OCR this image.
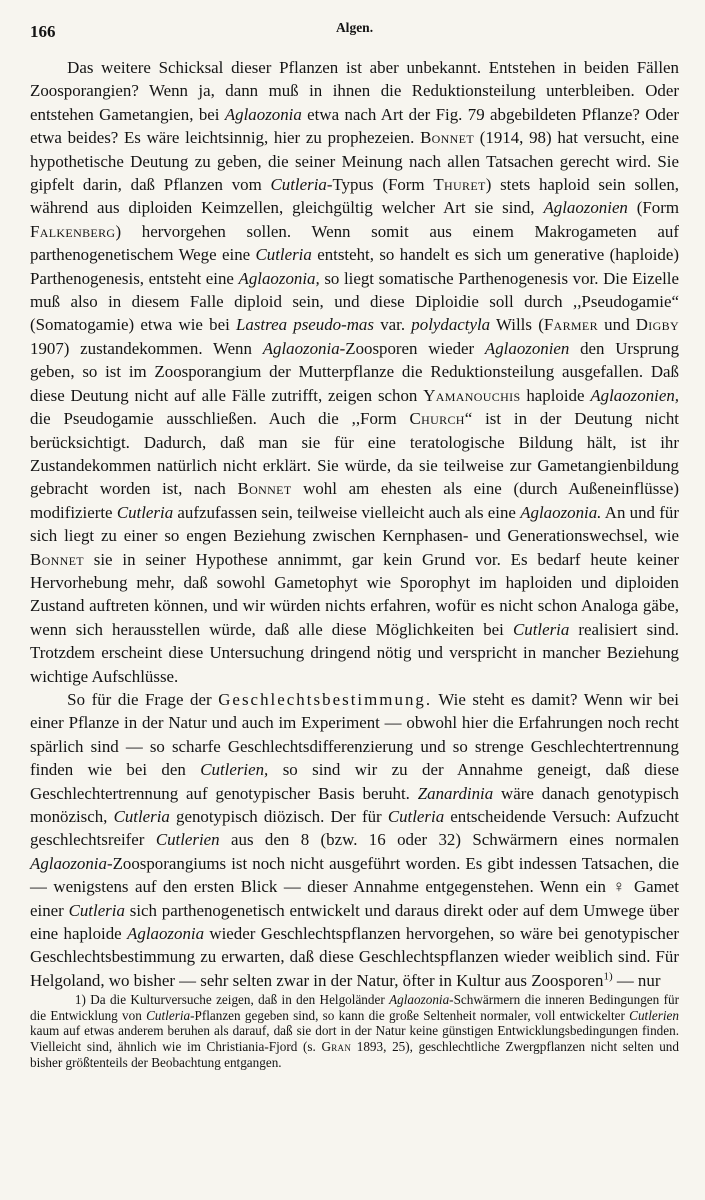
166	Algen.

Das weitere Schicksal dieser Pflanzen ist aber unbekannt. Entstehen in beiden Fällen Zoosporangien? Wenn ja, dann muß in ihnen die Reduktionsteilung unterbleiben. Oder entstehen Gametangien, bei Aglaozonia etwa nach Art der Fig. 79 abgebildeten Pflanze? Oder etwa beides? Es wäre leichtsinnig, hier zu prophezeien. Bonnet (1914, 98) hat versucht, eine hypothetische Deutung zu geben, die seiner Meinung nach allen Tatsachen gerecht wird. Sie gipfelt darin, daß Pflanzen vom Cutleria-Typus (Form Thuret) stets haploid sein sollen, während aus diploiden Keimzellen, gleichgültig welcher Art sie sind, Aglaozonien (Form Falkenberg) hervorgehen sollen. Wenn somit aus einem Makrogameten auf parthenogenetischem Wege eine Cutleria entsteht, so handelt es sich um generative (haploide) Parthenogenesis, entsteht eine Aglaozonia, so liegt somatische Parthenogenesis vor. Die Eizelle muß also in diesem Falle diploid sein, und diese Diploidie soll durch ,,Pseudogamie“ (Somatogamie) etwa wie bei Lastrea pseudo-mas var. polydactyla Wills (Farmer und Digby 1907) zustandekommen. Wenn Aglaozonia-Zoosporen wieder Aglaozonien den Ursprung geben, so ist im Zoosporangium der Mutterpflanze die Reduktionsteilung ausgefallen. Daß diese Deutung nicht auf alle Fälle zutrifft, zeigen schon Yamanouchis haploide Aglaozonien, die Pseudogamie ausschließen. Auch die ,,Form Church“ ist in der Deutung nicht berücksichtigt. Dadurch, daß man sie für eine teratologische Bildung hält, ist ihr Zustandekommen natürlich nicht erklärt. Sie würde, da sie teilweise zur Gametangienbildung gebracht worden ist, nach Bonnet wohl am ehesten als eine (durch Außeneinflüsse) modifizierte Cutleria aufzufassen sein, teilweise vielleicht auch als eine Aglaozonia. An und für sich liegt zu einer so engen Beziehung zwischen Kernphasen- und Generationswechsel, wie Bonnet sie in seiner Hypothese annimmt, gar kein Grund vor. Es bedarf heute keiner Hervorhebung mehr, daß sowohl Gametophyt wie Sporophyt im haploiden und diploiden Zustand auftreten können, und wir würden nichts erfahren, wofür es nicht schon Analoga gäbe, wenn sich herausstellen würde, daß alle diese Möglichkeiten bei Cutleria realisiert sind. Trotzdem erscheint diese Untersuchung dringend nötig und verspricht in mancher Beziehung wichtige Aufschlüsse.

So für die Frage der Geschlechtsbestimmung. Wie steht es damit? Wenn wir bei einer Pflanze in der Natur und auch im Experiment — obwohl hier die Erfahrungen noch recht spärlich sind — so scharfe Geschlechtsdifferenzierung und so strenge Geschlechtertrennung finden wie bei den Cutlerien, so sind wir zu der Annahme geneigt, daß diese Geschlechtertrennung auf genotypischer Basis beruht. Zanardinia wäre danach genotypisch monözisch, Cutleria genotypisch diözisch. Der für Cutleria entscheidende Versuch: Aufzucht geschlechtsreifer Cutlerien aus den 8 (bzw. 16 oder 32) Schwärmern eines normalen Aglaozonia-Zoosporangiums ist noch nicht ausgeführt worden. Es gibt indessen Tatsachen, die — wenigstens auf den ersten Blick — dieser Annahme entgegenstehen. Wenn ein ♀ Gamet einer Cutleria sich parthenogenetisch entwickelt und daraus direkt oder auf dem Umwege über eine haploide Aglaozonia wieder Geschlechtspflanzen hervorgehen, so wäre bei genotypischer Geschlechtsbestimmung zu erwarten, daß diese Geschlechtspflanzen wieder weiblich sind. Für Helgoland, wo bisher — sehr selten zwar in der Natur, öfter in Kultur aus Zoosporen$^{1)}$ — nur

1) Da die Kulturversuche zeigen, daß in den Helgoländer Aglaozonia-Schwärmern die inneren Bedingungen für die Entwicklung von Cutleria-Pflanzen gegeben sind, so kann die große Seltenheit normaler, voll entwickelter Cutlerien kaum auf etwas anderem beruhen als darauf, daß sie dort in der Natur keine günstigen Entwicklungsbedingungen finden. Vielleicht sind, ähnlich wie im Christiania-Fjord (s. Gran 1893, 25), geschlechtliche Zwergpflanzen nicht selten und bisher größtenteils der Beobachtung entgangen.
